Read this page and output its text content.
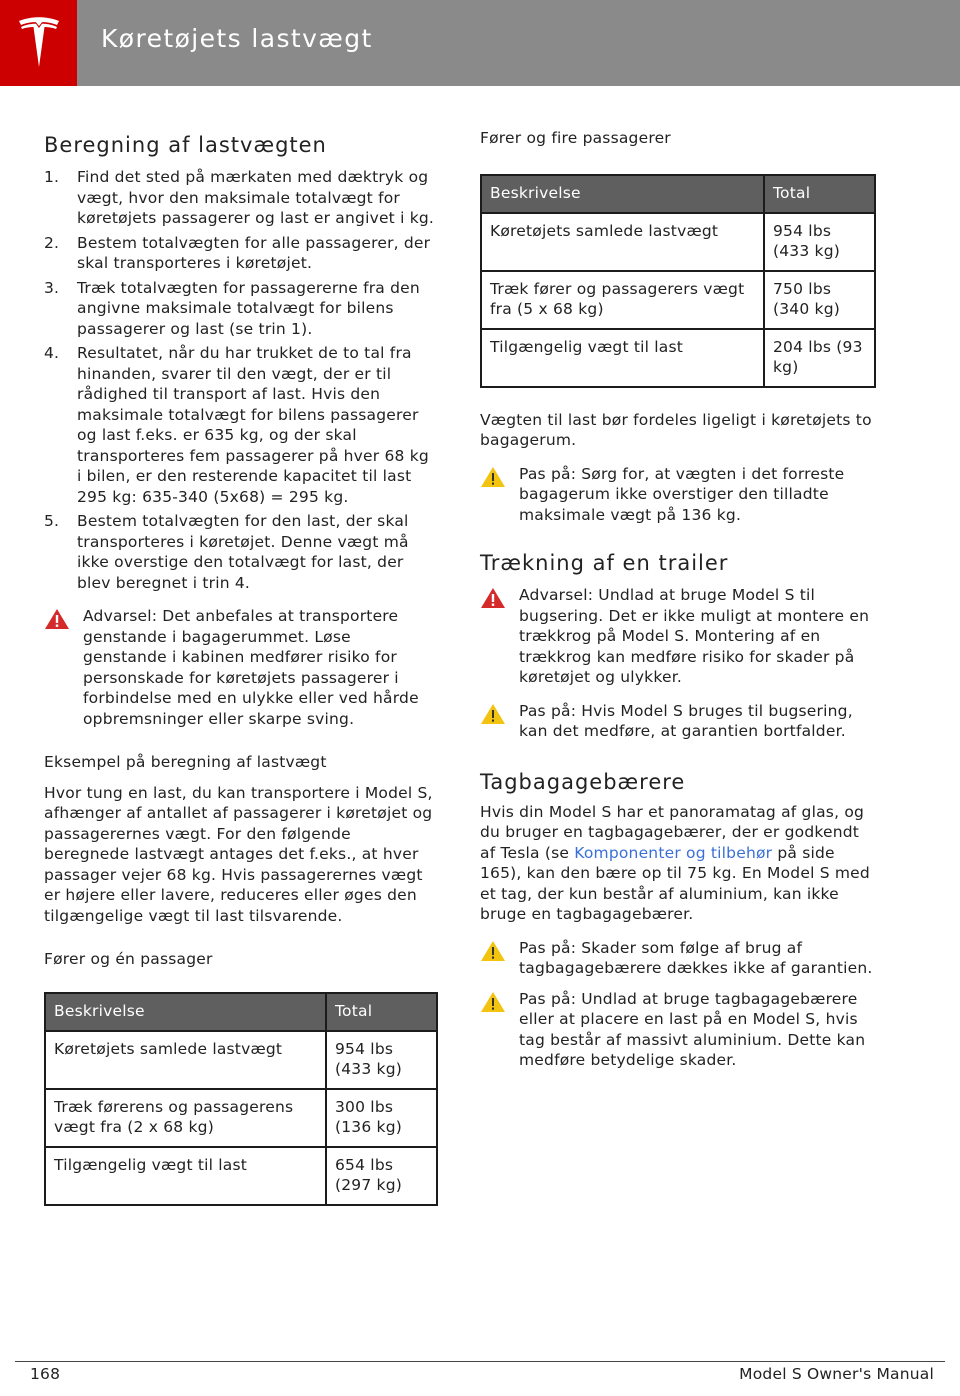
Køretøjets lastvægt
Beregning af lastvægten
1. Find det sted på mærkaten med dæktryk og vægt, hvor den maksimale totalvægt for køretøjets passagerer og last er angivet i kg.
2. Bestem totalvægten for alle passagerer, der skal transporteres i køretøjet.
3. Træk totalvægten for passagererne fra den angivne maksimale totalvægt for bilens passagerer og last (se trin 1).
4. Resultatet, når du har trukket de to tal fra hinanden, svarer til den vægt, der er til rådighed til transport af last. Hvis den maksimale totalvægt for bilens passagerer og last f.eks. er 635 kg, og der skal transporteres fem passagerer på hver 68 kg i bilen, er den resterende kapacitet til last 295 kg: 635-340 (5x68) = 295 kg.
5. Bestem totalvægten for den last, der skal transporteres i køretøjet. Denne vægt må ikke overstige den totalvægt for last, der blev beregnet i trin 4.

Advarsel: Det anbefales at transportere genstande i bagagerummet. Løse genstande i kabinen medfører risiko for personskade for køretøjets passagerer i forbindelse med en ulykke eller ved hårde opbremsninger eller skarpe sving.

Eksempel på beregning af lastvægt

Hvor tung en last, du kan transportere i Model S, afhænger af antallet af passagerer i køretøjet og passagerernes vægt. For den følgende beregnede lastvægt antages det f.eks., at hver passager vejer 68 kg. Hvis passagerernes vægt er højere eller lavere, reduceres eller øges den tilgængelige vægt til last tilsvarende.

Fører og én passager

Beskrivelse	Total
Køretøjets samlede lastvægt	954 lbs (433 kg)
Træk førerens og passagerens vægt fra (2 x 68 kg)	300 lbs (136 kg)
Tilgængelig vægt til last	654 lbs (297 kg)

Fører og fire passagerer

Beskrivelse	Total
Køretøjets samlede lastvægt	954 lbs (433 kg)
Træk fører og passagerers vægt fra (5 x 68 kg)	750 lbs (340 kg)
Tilgængelig vægt til last	204 lbs (93 kg)

Vægten til last bør fordeles ligeligt i køretøjets to bagagerum.

Pas på: Sørg for, at vægten i det forreste bagagerum ikke overstiger den tilladte maksimale vægt på 136 kg.

Trækning af en trailer

Advarsel: Undlad at bruge Model S til bugsering. Det er ikke muligt at montere en trækkrog på Model S. Montering af en trækkrog kan medføre risiko for skader på køretøjet og ulykker.

Pas på: Hvis Model S bruges til bugsering, kan det medføre, at garantien bortfalder.

Tagbagagebærere

Hvis din Model S har et panoramatag af glas, og du bruger en tagbagagebærer, der er godkendt af Tesla (se Komponenter og tilbehør på side 165), kan den bære op til 75 kg. En Model S med et tag, der kun består af aluminium, kan ikke bruge en tagbagagebærer.

Pas på: Skader som følge af brug af tagbagagebærere dækkes ikke af garantien.

Pas på: Undlad at bruge tagbagagebærere eller at placere en last på en Model S, hvis tag består af massivt aluminium. Dette kan medføre betydelige skader.

168	Model S Owner's Manual
